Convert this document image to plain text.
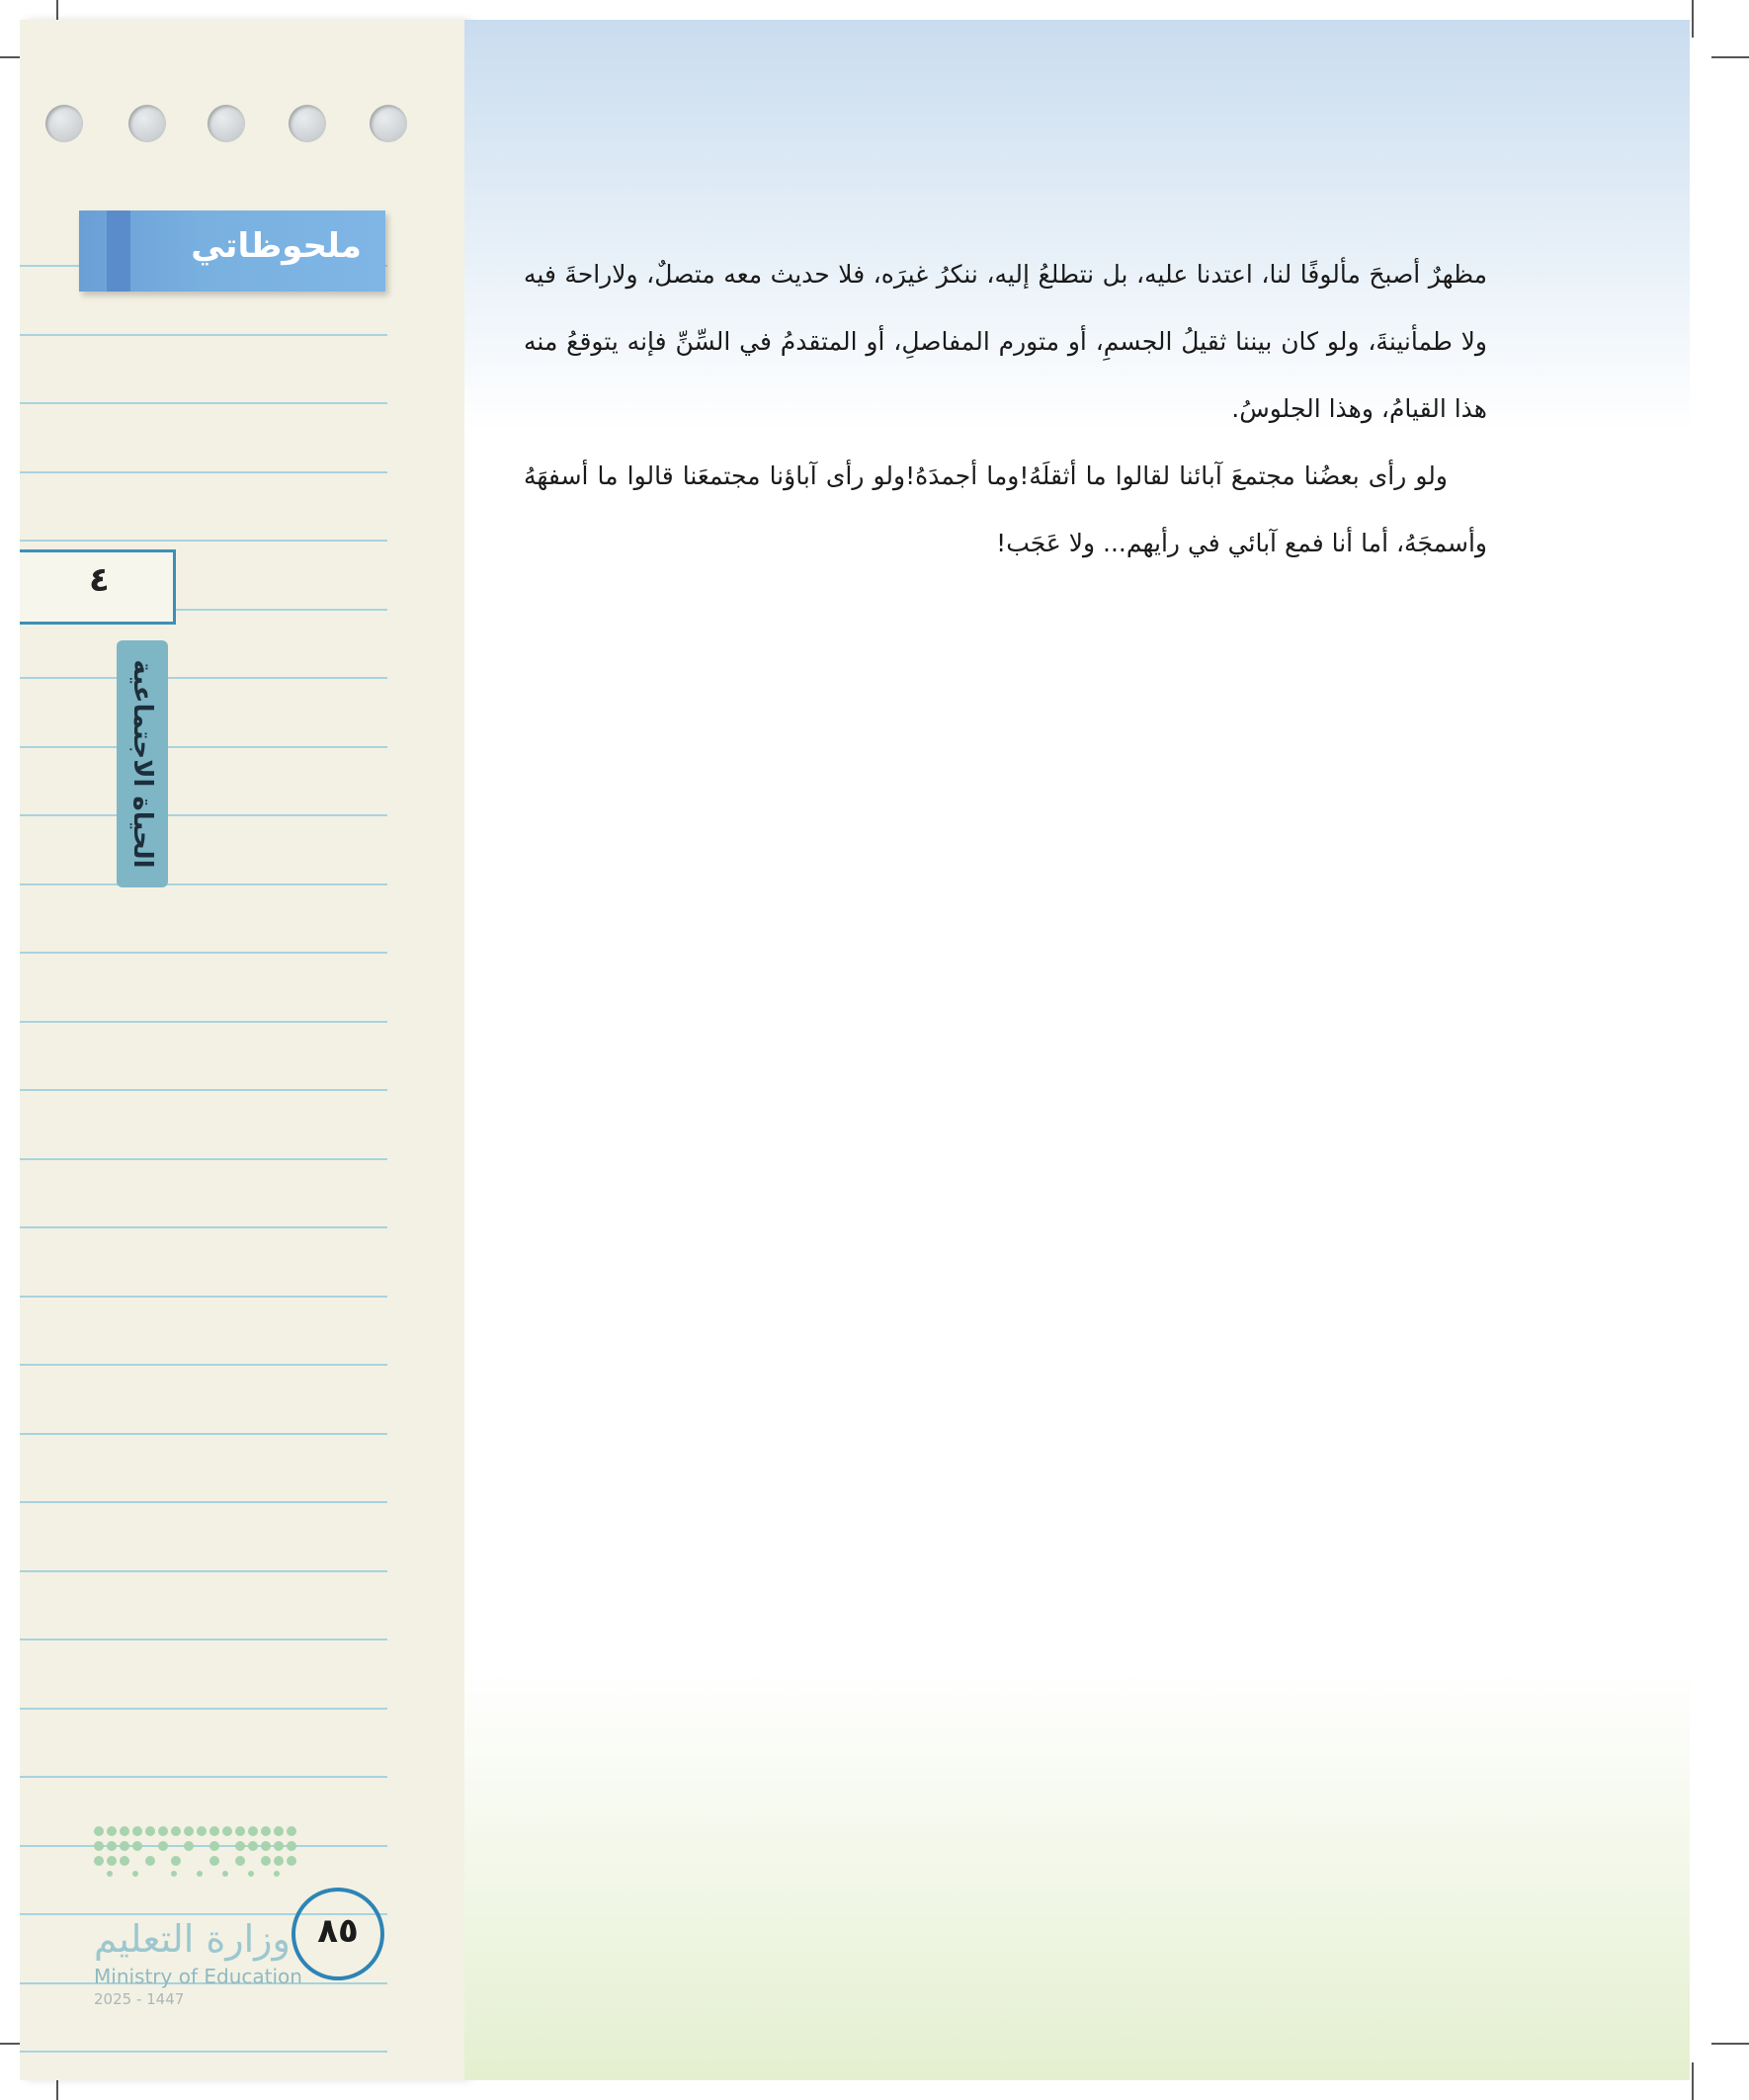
ملحوظاتي
٤
الحياة الاجتماعية

مظهرٌ أصبحَ مألوفًا لنا، اعتدنا عليه، بل نتطلعُ إليه، ننكرُ غيرَه، فلا حديث معه متصلٌ، ولاراحةَ فيه ولا طمأنينةَ، ولو كان بيننا ثقيلُ الجسمِ، أو متورم المفاصلِ، أو المتقدمُ في السِّنِّ فإنه يتوقعُ منه هذا القيامُ، وهذا الجلوسُ.

ولو رأى بعضُنا مجتمعَ آبائنا لقالوا ما أثقلَهُ!وما أجمدَهُ!ولو رأى آباؤنا مجتمعَنا قالوا ما أسفهَهُ وأسمجَهُ، أما أنا فمع آبائي في رأيهم... ولا عَجَب!

وزارة التعليم
Ministry of Education
2025 - 1447
٨٥
